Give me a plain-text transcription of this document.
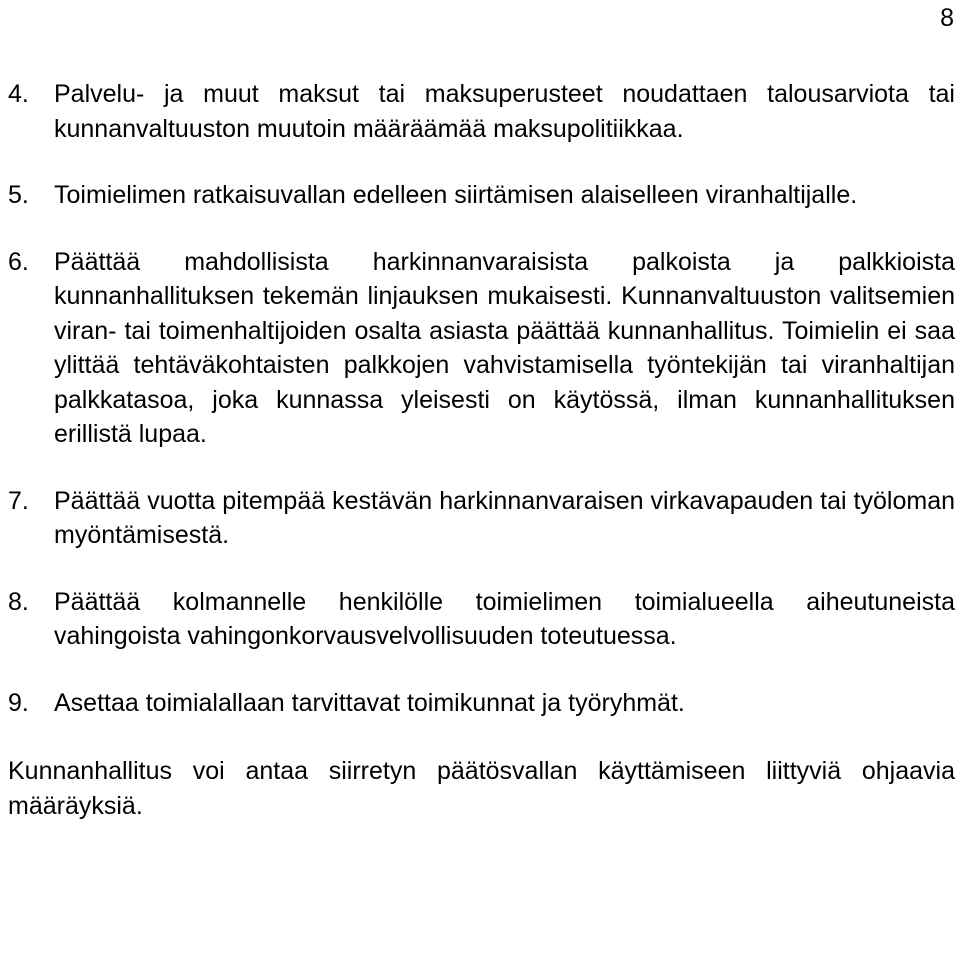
8
4.	Palvelu- ja muut maksut tai maksuperusteet noudattaen talousarviota tai kunnanvaltuuston muutoin määräämää maksupolitiikkaa.
5.	Toimielimen ratkaisuvallan edelleen siirtämisen alaiselleen viranhaltijalle.
6.	Päättää mahdollisista harkinnanvaraisista palkoista ja palkkioista kunnanhallituksen tekemän linjauksen mukaisesti. Kunnanvaltuuston valitsemien viran- tai toimenhaltijoiden osalta asiasta päättää kunnanhallitus. Toimielin ei saa ylittää tehtäväkohtaisten palkkojen vahvistamisella työntekijän tai viranhaltijan palkkatasoa, joka kunnassa yleisesti on käytössä, ilman kunnanhallituksen erillistä lupaa.
7.	Päättää vuotta pitempää kestävän harkinnanvaraisen virkavapauden tai työloman myöntämisestä.
8.	Päättää kolmannelle henkilölle toimielimen toimialueella aiheutuneista vahingoista vahingonkorvausvelvollisuuden toteutuessa.
9.	Asettaa toimialallaan tarvittavat toimikunnat ja työryhmät.

Kunnanhallitus voi antaa siirretyn päätösvallan käyttämiseen liittyviä ohjaavia määräyksiä.
